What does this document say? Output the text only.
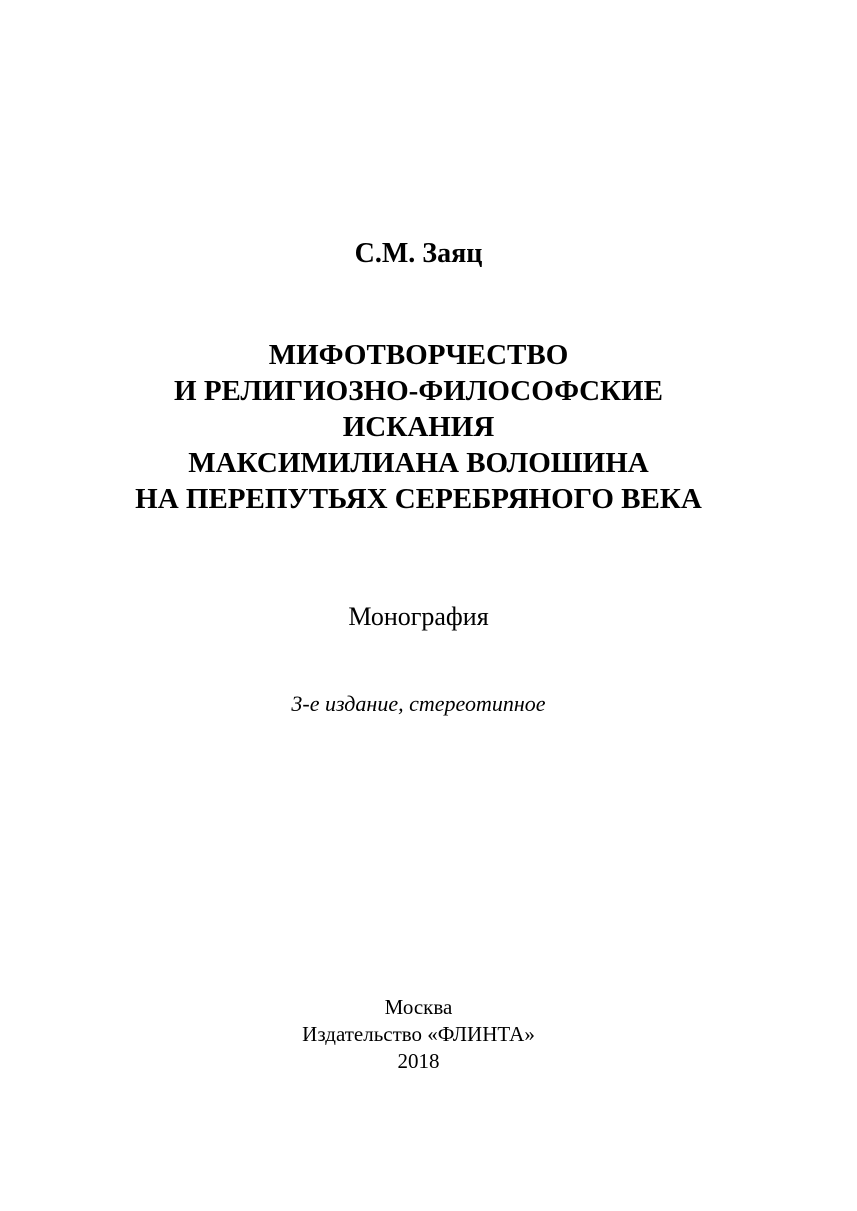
С.М. Заяц
МИФОТВОРЧЕСТВО
И РЕЛИГИОЗНО-ФИЛОСОФСКИЕ
ИСКАНИЯ
МАКСИМИЛИАНА ВОЛОШИНА
НА ПЕРЕПУТЬЯХ СЕРЕБРЯНОГО ВЕКА
Монография
3-е издание, стереотипное
Москва
Издательство «ФЛИНТА»
2018
